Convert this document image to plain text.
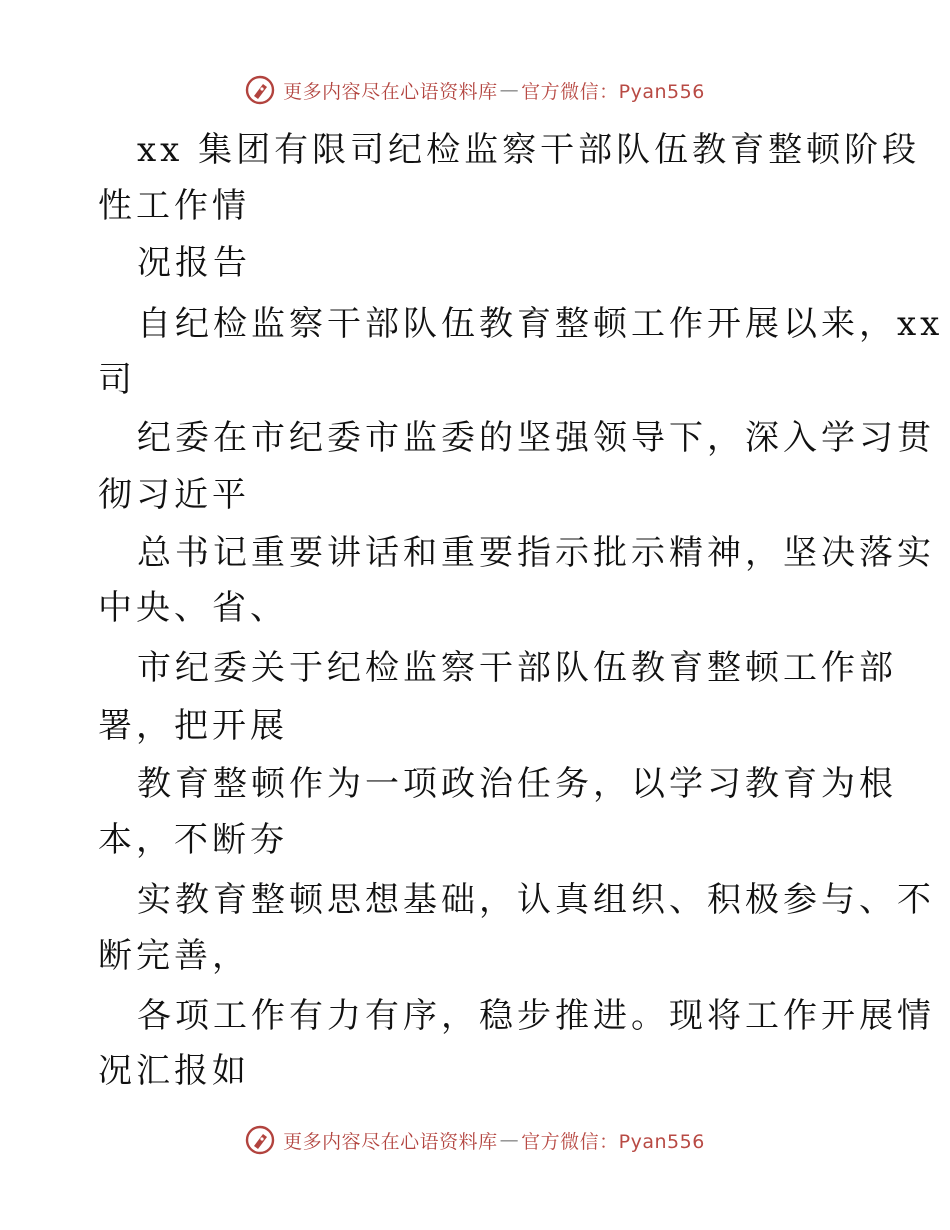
更多内容尽在心语资料库 — 官方微信：Pyan556
xx 集团有限司纪检监察干部队伍教育整顿阶段
性工作情
况报告
自纪检监察干部队伍教育整顿工作开展以来，xx
司
纪委在市纪委市监委的坚强领导下，深入学习贯
彻习近平
总书记重要讲话和重要指示批示精神，坚决落实
中央、省、
市纪委关于纪检监察干部队伍教育整顿工作部
署，把开展
教育整顿作为一项政治任务，以学习教育为根
本，不断夯
实教育整顿思想基础，认真组织、积极参与、不
断完善，
各项工作有力有序，稳步推进。现将工作开展情
况汇报如
更多内容尽在心语资料库 — 官方微信：Pyan556
